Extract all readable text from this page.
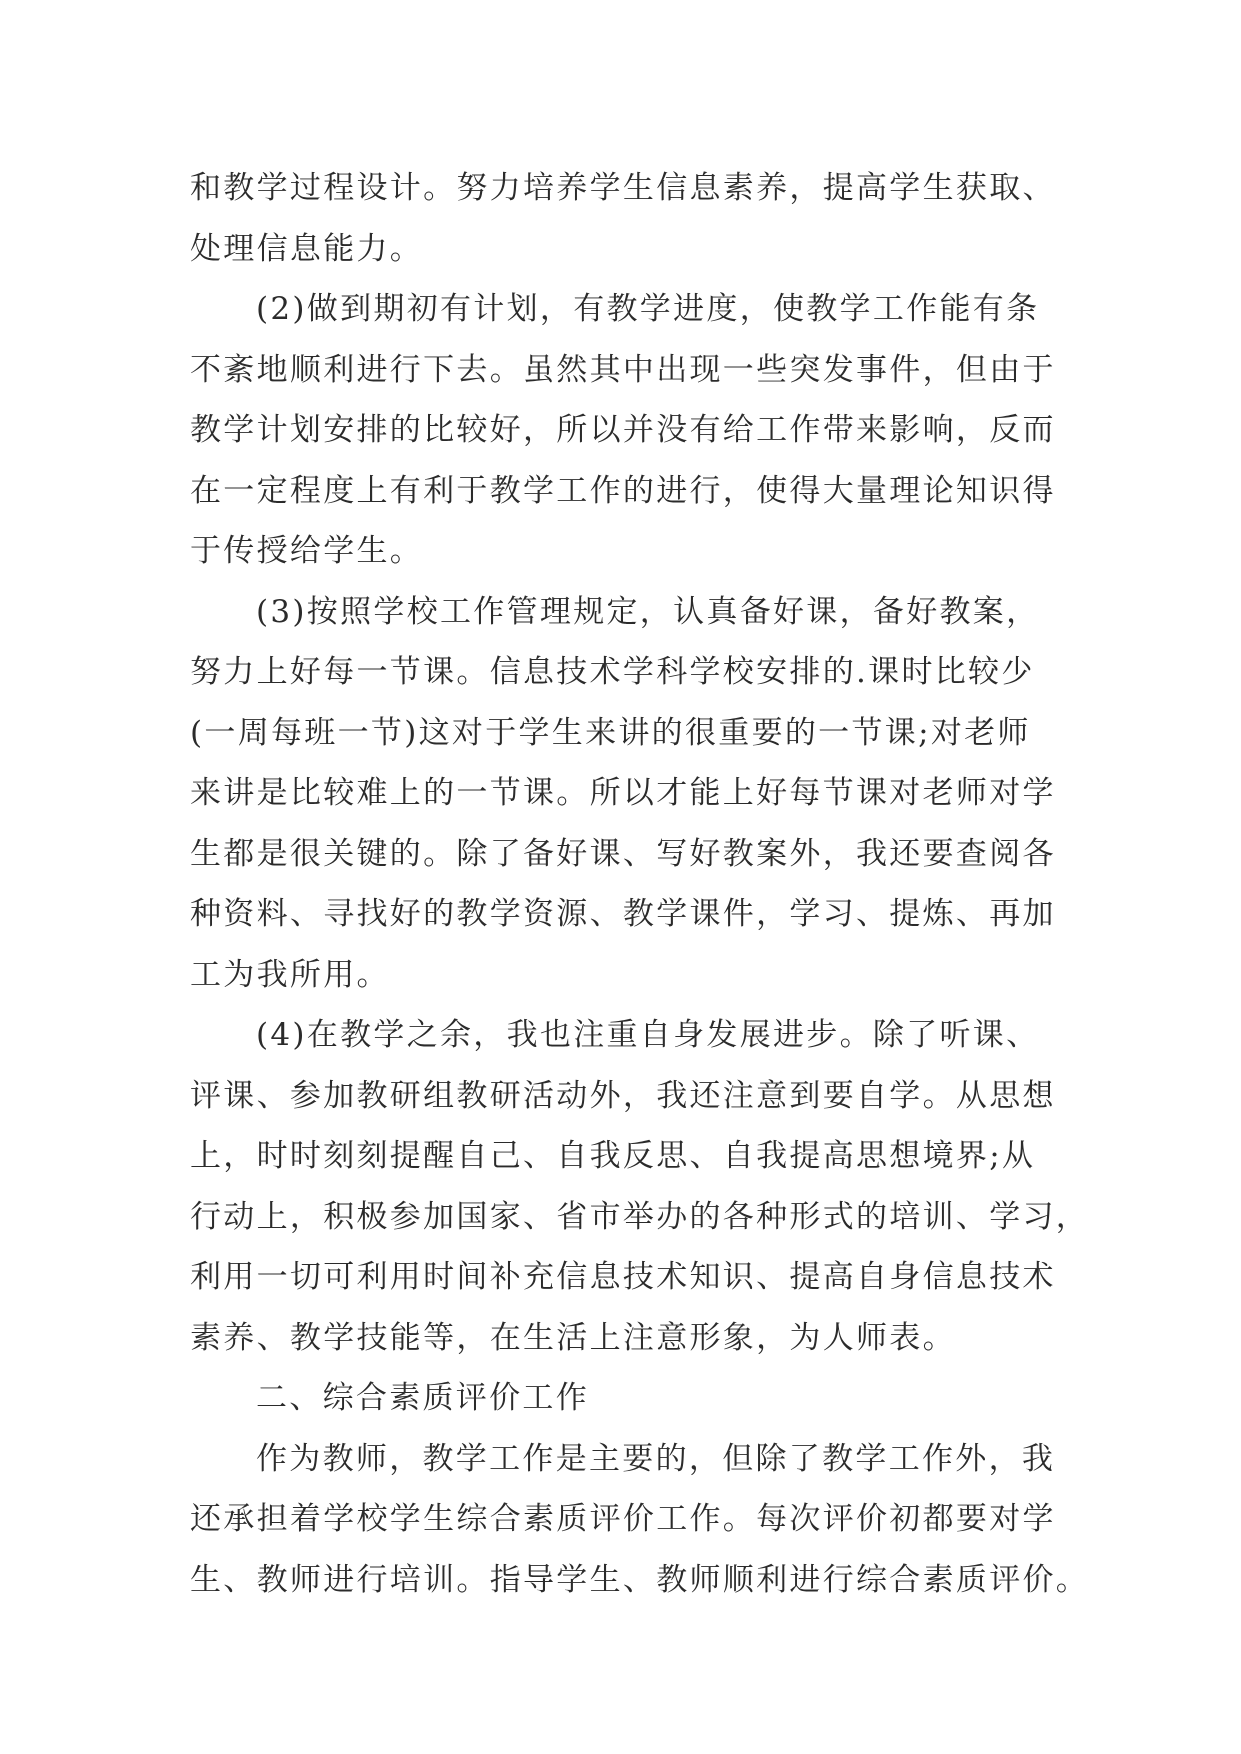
和教学过程设计。努力培养学生信息素养，提高学生获取、
处理信息能力。
(2)做到期初有计划，有教学进度，使教学工作能有条
不紊地顺利进行下去。虽然其中出现一些突发事件，但由于
教学计划安排的比较好，所以并没有给工作带来影响，反而
在一定程度上有利于教学工作的进行，使得大量理论知识得
于传授给学生。
(3)按照学校工作管理规定，认真备好课，备好教案，
努力上好每一节课。信息技术学科学校安排的.课时比较少
(一周每班一节)这对于学生来讲的很重要的一节课;对老师
来讲是比较难上的一节课。所以才能上好每节课对老师对学
生都是很关键的。除了备好课、写好教案外，我还要查阅各
种资料、寻找好的教学资源、教学课件，学习、提炼、再加
工为我所用。
(4)在教学之余，我也注重自身发展进步。除了听课、
评课、参加教研组教研活动外，我还注意到要自学。从思想
上，时时刻刻提醒自己、自我反思、自我提高思想境界;从
行动上，积极参加国家、省市举办的各种形式的培训、学习，
利用一切可利用时间补充信息技术知识、提高自身信息技术
素养、教学技能等，在生活上注意形象，为人师表。
二、综合素质评价工作
作为教师，教学工作是主要的，但除了教学工作外，我
还承担着学校学生综合素质评价工作。每次评价初都要对学
生、教师进行培训。指导学生、教师顺利进行综合素质评价。
